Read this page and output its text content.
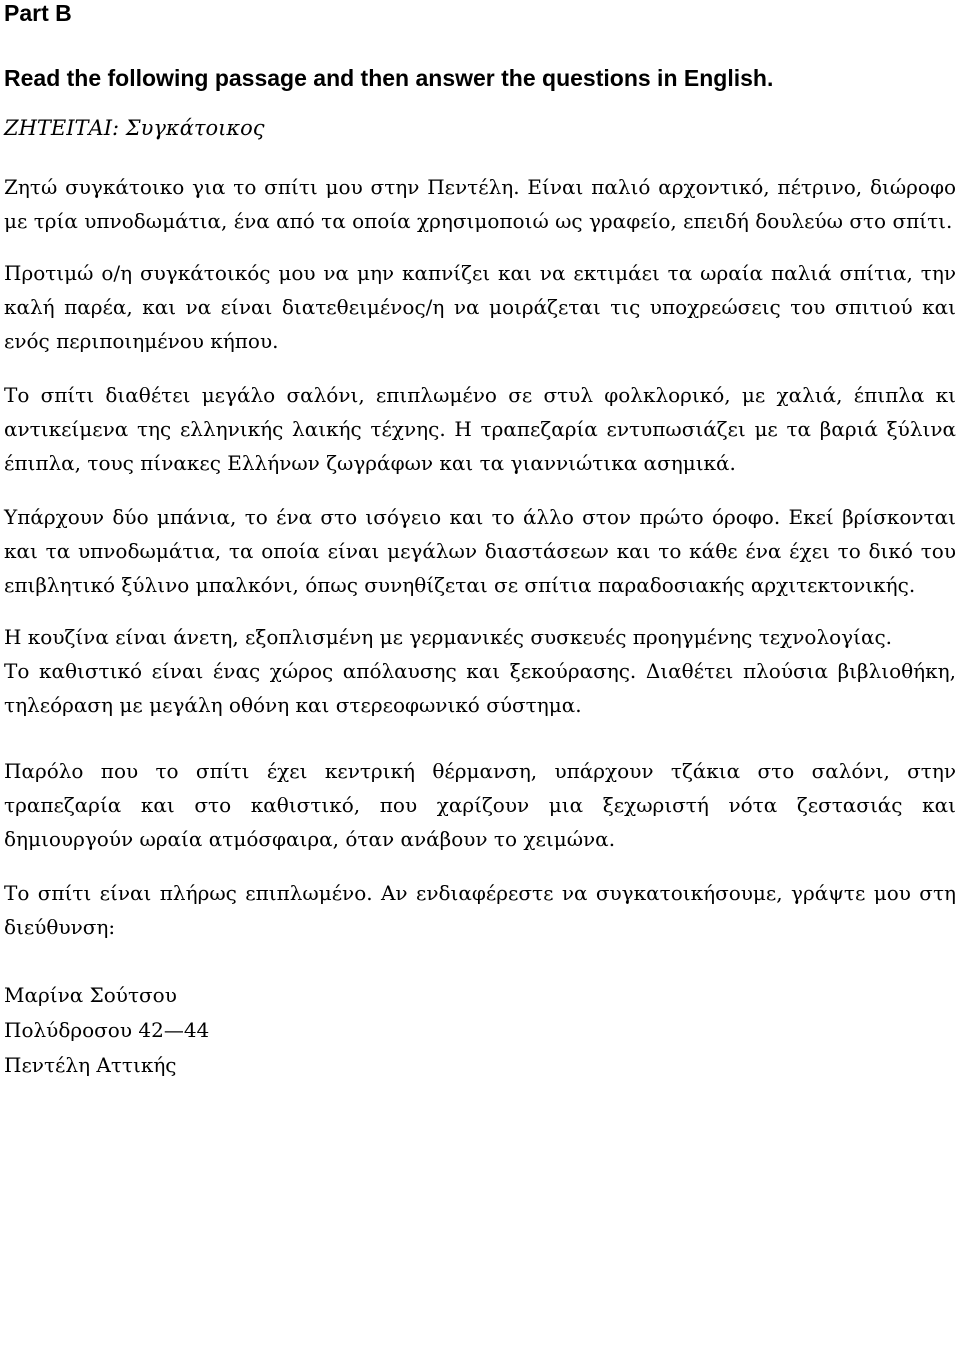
Part B

Read the following passage and then answer the questions in English.

ΖΗΤΕΙΤΑΙ: Συγκάτοικος

Ζητώ συγκάτοικο για το σπίτι μου στην Πεντέλη. Είναι παλιό αρχοντικό, πέτρινο, διώροφο με τρία υπνοδωμάτια, ένα από τα οποία χρησιμοποιώ ως γραφείο, επειδή δουλεύω στο σπίτι.

Προτιμώ ο/η συγκάτοικός μου να μην καπνίζει και να εκτιμάει τα ωραία παλιά σπίτια, την καλή παρέα, και να είναι διατεθειμένος/η να μοιράζεται τις υποχρεώσεις του σπιτιού και ενός περιποιημένου κήπου.

Το σπίτι διαθέτει μεγάλο σαλόνι, επιπλωμένο σε στυλ φολκλορικό, με χαλιά, έπιπλα κι αντικείμενα της ελληνικής λαικής τέχνης. Η τραπεζαρία εντυπωσιάζει με τα βαριά ξύλινα έπιπλα, τους πίνακες Ελλήνων ζωγράφων και τα γιαννιώτικα ασημικά.

Υπάρχουν δύο μπάνια, το ένα στο ισόγειο και το άλλο στον πρώτο όροφο. Εκεί βρίσκονται και τα υπνοδωμάτια, τα οποία είναι μεγάλων διαστάσεων και το κάθε ένα έχει το δικό του επιβλητικό ξύλινο μπαλκόνι, όπως συνηθίζεται σε σπίτια παραδοσιακής αρχιτεκτονικής.

Η κουζίνα είναι άνετη, εξοπλισμένη με γερμανικές συσκευές προηγμένης τεχνολογίας.

Το καθιστικό είναι ένας χώρος απόλαυσης και ξεκούρασης. Διαθέτει πλούσια βιβλιοθήκη, τηλεόραση με μεγάλη οθόνη και στερεοφωνικό σύστημα.

Παρόλο που το σπίτι έχει κεντρική θέρμανση, υπάρχουν τζάκια στο σαλόνι, στην τραπεζαρία και στο καθιστικό, που χαρίζουν μια ξεχωριστή νότα ζεστασιάς και δημιουργούν ωραία ατμόσφαιρα, όταν ανάβουν το χειμώνα.

Το σπίτι είναι πλήρως επιπλωμένο. Αν ενδιαφέρεστε να συγκατοικήσουμε, γράψτε μου στη διεύθυνση:

Μαρίνα Σούτσου

Πολύδροσου 42—44

Πεντέλη Αττικής
